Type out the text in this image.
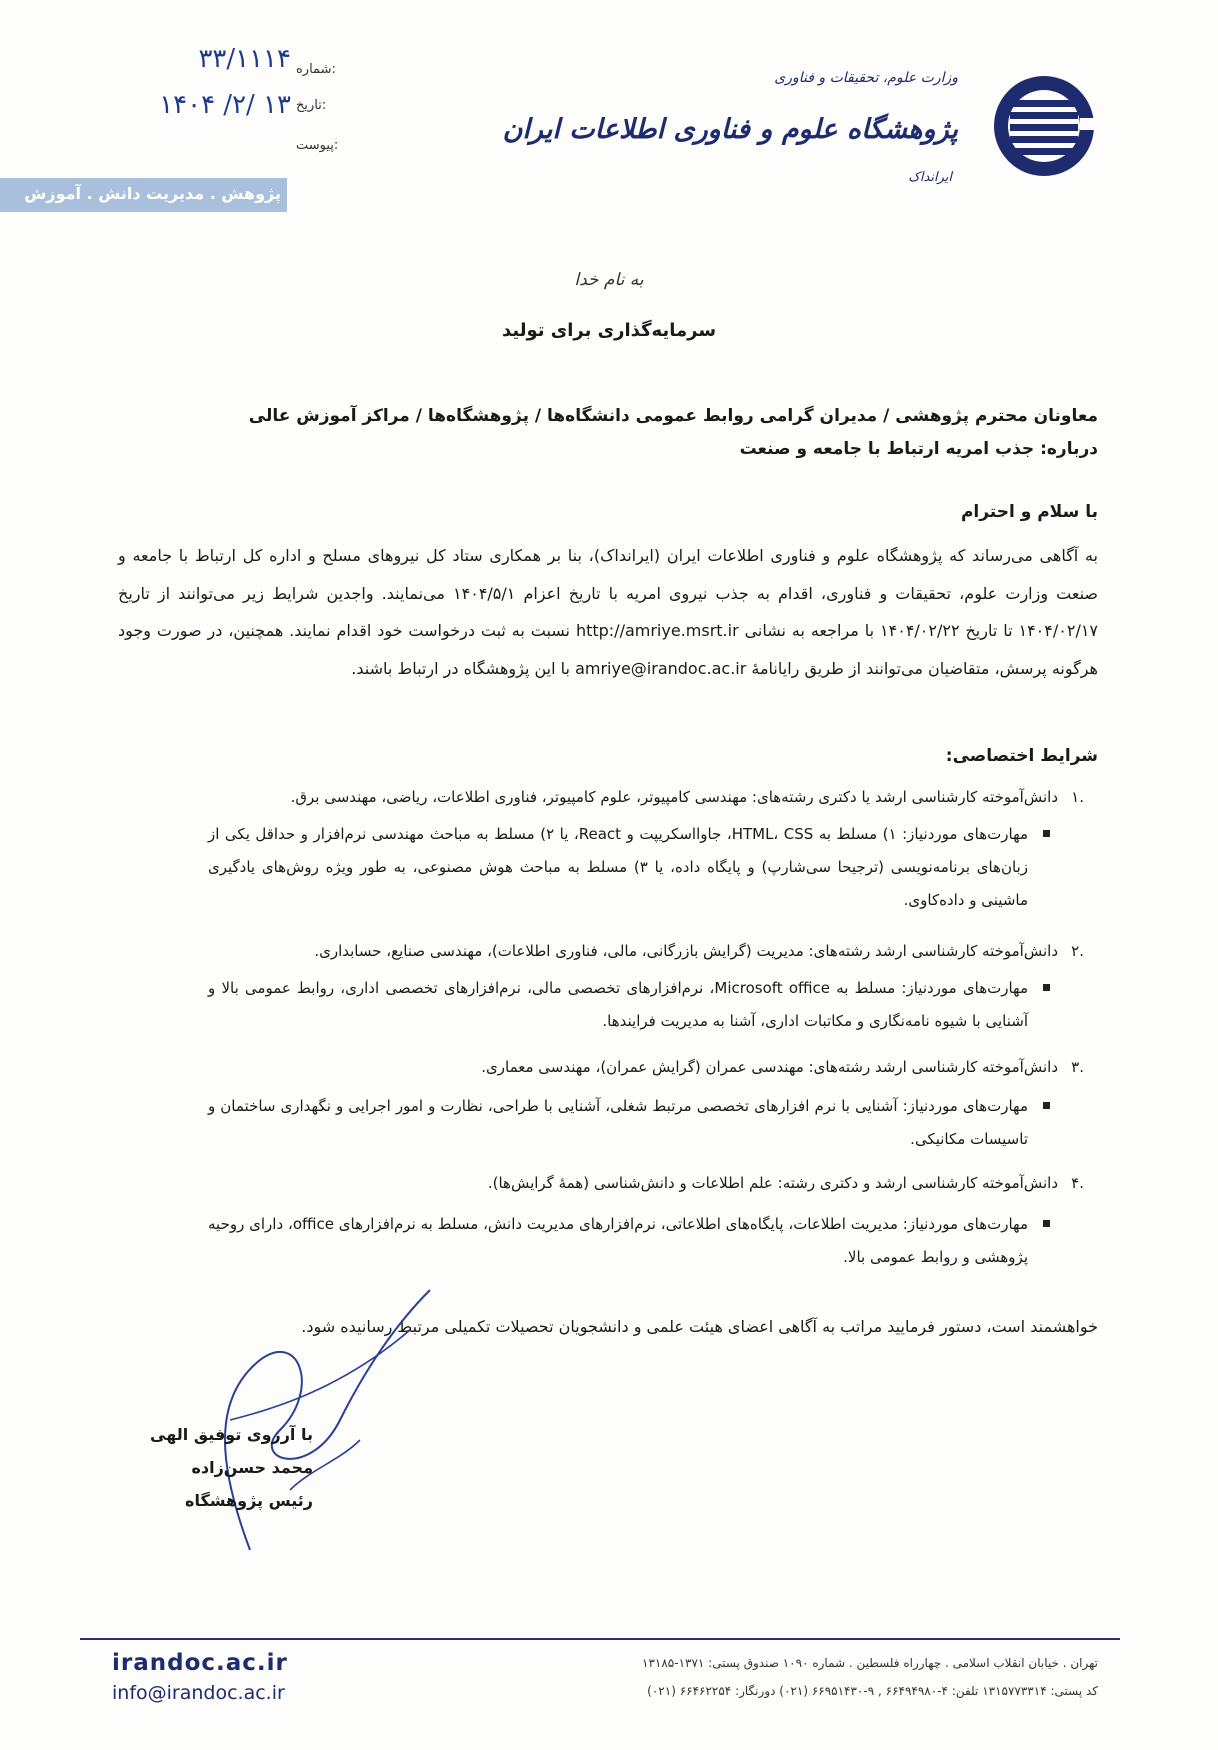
وزارت علوم، تحقیقات و فناوری
پژوهشگاه علوم و فناوری اطلاعات ایران
ایرانداک
۳۳/۱۱۱۴ شماره:
۱۴۰۴ /۲/ ۱۳ تاریخ:
پیوست:
پژوهش . مدیریت دانش . آموزش
به نام خدا
سرمایه‌گذاری برای تولید
معاونان محترم پژوهشی / مدیران گرامی روابط عمومی دانشگاه‌ها / پژوهشگاه‌ها / مراکز آموزش عالی
درباره: جذب امریه ارتباط با جامعه و صنعت
با سلام و احترام
به آگاهی می‌رساند که پژوهشگاه علوم و فناوری اطلاعات ایران (ایرانداک)، بنا بر همکاری ستاد کل نیروهای مسلح و اداره کل ارتباط با جامعه و صنعت وزارت علوم، تحقیقات و فناوری، اقدام به جذب نیروی امریه با تاریخ اعزام ۱۴۰۴/۵/۱ می‌نمایند. واجدین شرایط زیر می‌توانند از تاریخ ۱۴۰۴/۰۲/۱۷ تا تاریخ ۱۴۰۴/۰۲/۲۲ با مراجعه به نشانی http://amriye.msrt.ir نسبت به ثبت درخواست خود اقدام نمایند. همچنین، در صورت وجود هرگونه پرسش، متقاضیان می‌توانند از طریق رایانامهٔ amriye@irandoc.ac.ir با این پژوهشگاه در ارتباط باشند.
شرایط اختصاصی:
.۱
دانش‌آموخته کارشناسی ارشد یا دکتری رشته‌های: مهندسی کامپیوتر، علوم کامپیوتر، فناوری اطلاعات، ریاضی، مهندسی برق.
مهارت‌های موردنیاز: ۱) مسلط به HTML، CSS، جاوااسکریپت و React، یا ۲) مسلط به مباحث مهندسی نرم‌افزار و حداقل یکی از زبان‌های برنامه‌نویسی (ترجیحا سی‌شارپ) و پایگاه داده، یا ۳) مسلط به مباحث هوش مصنوعی، به طور ویژه روش‌های یادگیری ماشینی و داده‌کاوی.
.۲
دانش‌آموخته کارشناسی ارشد رشته‌های: مدیریت (گرایش بازرگانی، مالی، فناوری اطلاعات)، مهندسی صنایع، حسابداری.
مهارت‌های موردنیاز: مسلط به Microsoft office، نرم‌افزارهای تخصصی مالی، نرم‌افزارهای تخصصی اداری، روابط عمومی بالا و آشنایی با شیوه نامه‌نگاری و مکاتبات اداری، آشنا به مدیریت فرایندها.
.۳
دانش‌آموخته کارشناسی ارشد رشته‌های: مهندسی عمران (گرایش عمران)، مهندسی معماری.
مهارت‌های موردنیاز: آشنایی با نرم افزارهای تخصصی مرتبط شغلی، آشنایی با طراحی، نظارت و امور اجرایی و نگهداری ساختمان و تاسیسات مکانیکی.
.۴
دانش‌آموخته کارشناسی ارشد و دکتری رشته: علم اطلاعات و دانش‌شناسی (همهٔ گرایش‌ها).
مهارت‌های موردنیاز: مدیریت اطلاعات، پایگاه‌های اطلاعاتی، نرم‌افزارهای مدیریت دانش، مسلط به نرم‌افزارهای office، دارای روحیه پژوهشی و روابط عمومی بالا.
خواهشمند است، دستور فرمایید مراتب به آگاهی اعضای هیئت علمی و دانشجویان تحصیلات تکمیلی مرتبط رسانیده شود.
با آرزوی توفیق الهی
محمد حسن‌زاده
رئیس پژوهشگاه
irandoc.ac.ir
info@irandoc.ac.ir
تهران . خیابان انقلاب اسلامی . چهارراه فلسطین . شماره ۱۰۹۰ صندوق پستی: ۱۳۷۱-۱۳۱۸۵
کد پستی: ۱۳۱۵۷۷۳۳۱۴ تلفن: ۴-۶۶۴۹۴۹۸۰ , ۹-۶۶۹۵۱۴۳۰ (۰۲۱) دورنگار: ۶۶۴۶۲۲۵۴ (۰۲۱)
